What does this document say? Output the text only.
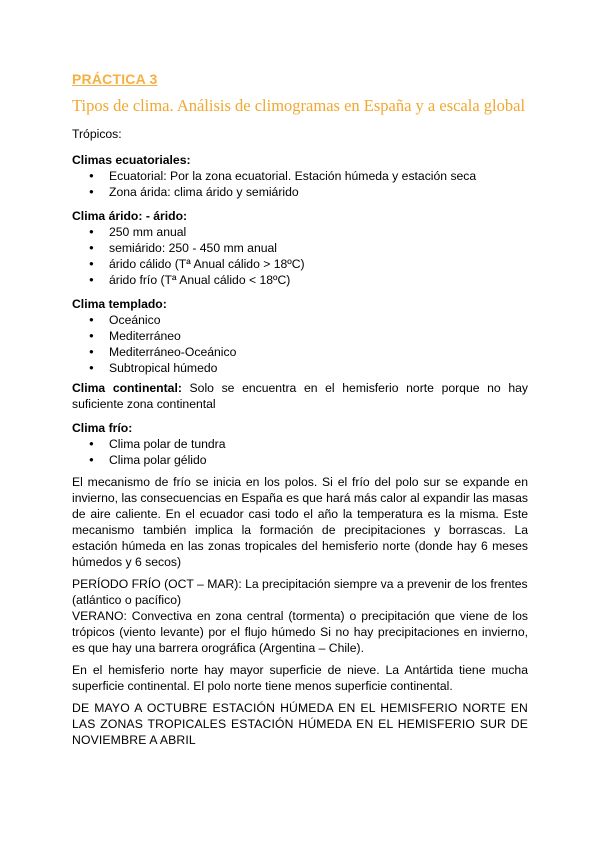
PRÁCTICA 3
Tipos de clima. Análisis de climogramas en España y a escala global

Trópicos:

Climas ecuatoriales:

● Ecuatorial: Por la zona ecuatorial. Estación húmeda y estación seca
● Zona árida: clima árido y semiárido

Clima árido: - árido:

● 250 mm anual
● semiárido: 250 - 450 mm anual
● árido cálido (Tª Anual cálido > 18ºC)
● árido frío (Tª Anual cálido < 18ºC)

Clima templado:

● Oceánico
● Mediterráneo
● Mediterráneo-Oceánico
● Subtropical húmedo

Clima continental: Solo se encuentra en el hemisferio norte porque no hay suficiente zona continental

Clima frío:

● Clima polar de tundra
● Clima polar gélido

El mecanismo de frío se inicia en los polos. Si el frío del polo sur se expande en invierno, las consecuencias en España es que hará más calor al expandir las masas de aire caliente. En el ecuador casi todo el año la temperatura es la misma. Este mecanismo también implica la formación de precipitaciones y borrascas. La estación húmeda en las zonas tropicales del hemisferio norte (donde hay 6 meses húmedos y 6 secos)

PERÍODO FRÍO (OCT – MAR): La precipitación siempre va a prevenir de los frentes (atlántico o pacífico)

VERANO: Convectiva en zona central (tormenta) o precipitación que viene de los trópicos (viento levante) por el flujo húmedo Si no hay precipitaciones en invierno, es que hay una barrera orográfica (Argentina – Chile).

En el hemisferio norte hay mayor superficie de nieve. La Antártida tiene mucha superficie continental. El polo norte tiene menos superficie continental.

DE MAYO A OCTUBRE ESTACIÓN HÚMEDA EN EL HEMISFERIO NORTE EN LAS ZONAS TROPICALES ESTACIÓN HÚMEDA EN EL HEMISFERIO SUR DE NOVIEMBRE A ABRIL
